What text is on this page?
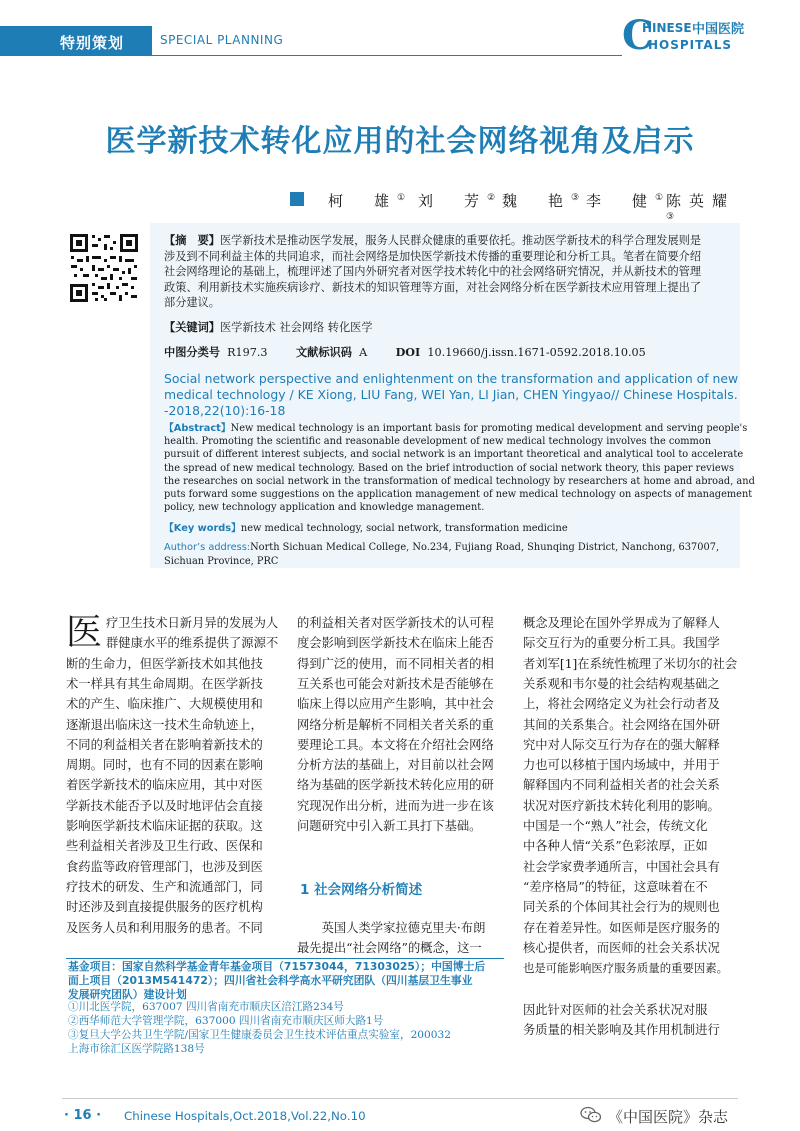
特别策划	SPECIAL PLANNING	C
HINESE 中国医院
HOSPITALS
医学新技术转化应用的社会网络视角及启示
柯　雄① 刘　芳② 魏　艳③ 李　健① 陈英耀③
【摘　要】医学新技术是推动医学发展，服务人民群众健康的重要依托。推动医学新技术的科学合理发展则是
涉及到不同利益主体的共同追求，而社会网络是加快医学新技术传播的重要理论和分析工具。笔者在简要介绍
社会网络理论的基础上，梳理评述了国内外研究者对医学技术转化中的社会网络研究情况，并从新技术的管理
政策、利用新技术实施疾病诊疗、新技术的知识管理等方面，对社会网络分析在医学新技术应用管理上提出了
部分建议。
【关键词】医学新技术 社会网络 转化医学
中图分类号 R197.3	文献标识码 A	DOI 10.19660/j.issn.1671-0592.2018.10.05
Social network perspective and enlightenment on the transformation and application of new
medical technology / KE Xiong, LIU Fang, WEI Yan, LI Jian, CHEN Yingyao// Chinese Hospitals.
-2018,22(10):16-18
【Abstract】New medical technology is an important basis for promoting medical development and serving people's
health. Promoting the scientific and reasonable development of new medical technology involves the common
pursuit of different interest subjects, and social network is an important theoretical and analytical tool to accelerate
the spread of new medical technology. Based on the brief introduction of social network theory, this paper reviews
the researches on social network in the transformation of medical technology by researchers at home and abroad, and
puts forward some suggestions on the application management of new medical technology on aspects of management
policy, new technology application and knowledge management.
【Key words】new medical technology, social network, transformation medicine
Author’s address:North Sichuan Medical College, No.234, Fujiang Road, Shunqing District, Nanchong, 637007,
Sichuan Province, PRC
医 疗卫生技术日新月异的发展为人
群健康水平的维系提供了源源不
断的生命力，但医学新技术如其他技
术一样具有其生命周期。在医学新技
术的产生、临床推广、大规模使用和
逐渐退出临床这一技术生命轨迹上，
不同的利益相关者在影响着新技术的
周期。同时，也有不同的因素在影响
着医学新技术的临床应用，其中对医
学新技术能否予以及时地评估会直接
影响医学新技术临床证据的获取。这
些利益相关者涉及卫生行政、医保和
食药监等政府管理部门，也涉及到医
疗技术的研发、生产和流通部门，同
时还涉及到直接提供服务的医疗机构
及医务人员和利用服务的患者。不同
的利益相关者对医学新技术的认可程
度会影响到医学新技术在临床上能否
得到广泛的使用，而不同相关者的相
互关系也可能会对新技术是否能够在
临床上得以应用产生影响，其中社会
网络分析是解析不同相关者关系的重
要理论工具。本文将在介绍社会网络
分析方法的基础上，对目前以社会网
络为基础的医学新技术转化应用的研
究现况作出分析，进而为进一步在该
问题研究中引入新工具打下基础。
1 社会网络分析简述
　　英国人类学家拉德克里夫·布朗
最先提出“社会网络”的概念，这一
概念及理论在国外学界成为了解释人
际交互行为的重要分析工具。我国学
者刘军[1]在系统性梳理了米切尔的社会
关系观和韦尔曼的社会结构观基础之
上，将社会网络定义为社会行动者及
其间的关系集合。社会网络在国外研
究中对人际交互行为存在的强大解释
力也可以移植于国内场域中，并用于
解释国内不同利益相关者的社会关系
状况对医疗新技术转化利用的影响。
中国是一个“熟人”社会，传统文化
中各种人情“关系”色彩浓厚，正如
社会学家费孝通所言，中国社会具有
“差序格局”的特征，这意味着在不
同关系的个体间其社会行为的规则也
存在着差异性。如医师是医疗服务的
核心提供者，而医师的社会关系状况
也是可能影响医疗服务质量的重要因素。
因此针对医师的社会关系状况对服
务质量的相关影响及其作用机制进行
基金项目：国家自然科学基金青年基金项目（71573044，71303025）；中国博士后
面上项目（2013M541472）；四川省社会科学高水平研究团队（四川基层卫生事业
发展研究团队）建设计划
①川北医学院，637007 四川省南充市顺庆区涪江路234号
②西华师范大学管理学院，637000 四川省南充市顺庆区师大路1号
③复旦大学公共卫生学院/国家卫生健康委员会卫生技术评估重点实验室，200032
上海市徐汇区医学院路138号
· 16 · Chinese Hospitals,Oct.2018,Vol.22,No.10	《中国医院》杂志
